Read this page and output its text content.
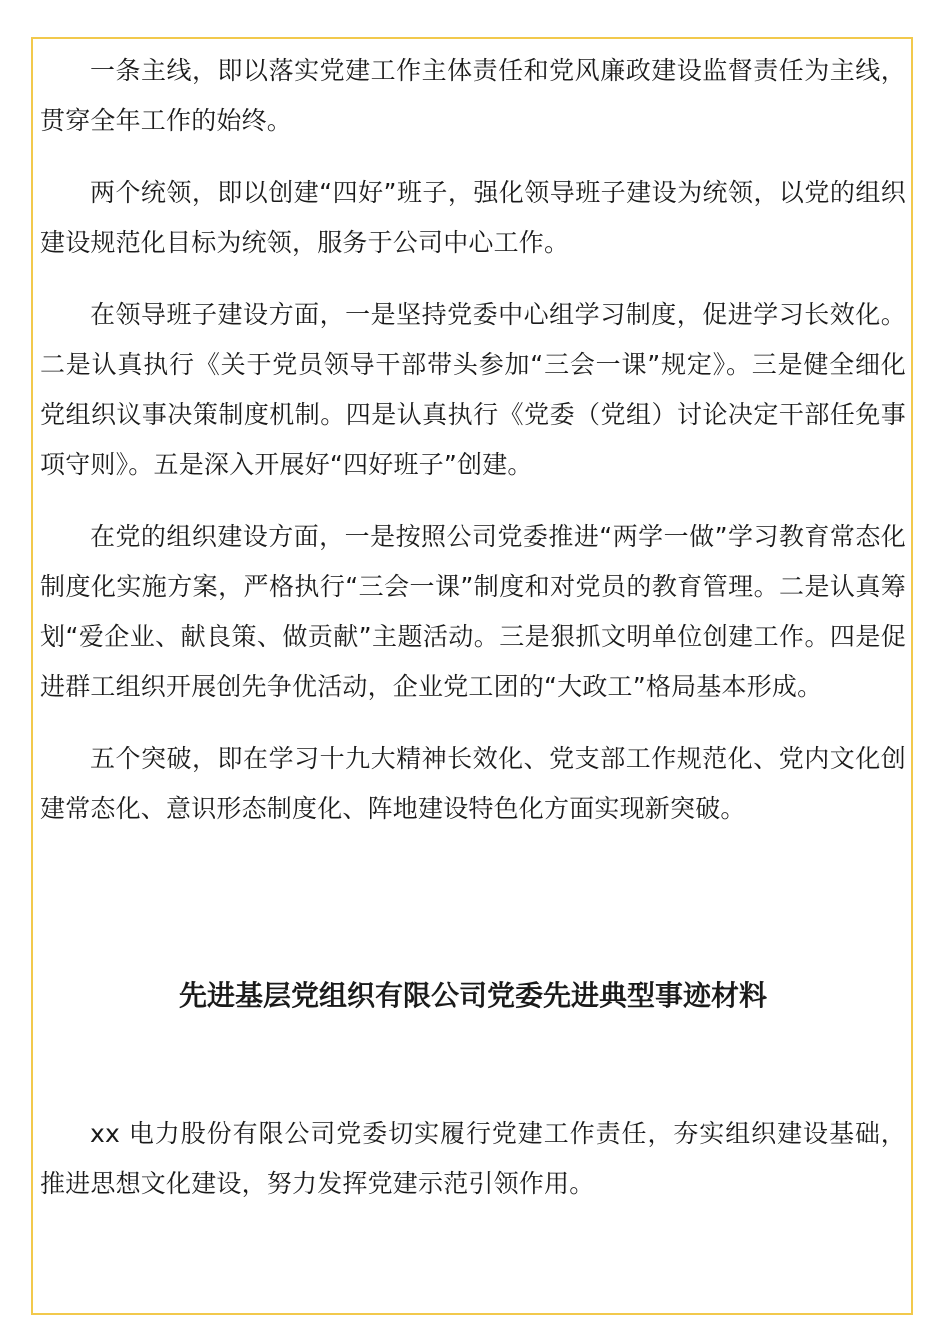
一条主线，即以落实党建工作主体责任和党风廉政建设监督责任为主线，贯穿全年工作的始终。

两个统领，即以创建“四好”班子，强化领导班子建设为统领，以党的组织建设规范化目标为统领，服务于公司中心工作。

在领导班子建设方面，一是坚持党委中心组学习制度，促进学习长效化。二是认真执行《关于党员领导干部带头参加“三会一课”规定》。三是健全细化党组织议事决策制度机制。四是认真执行《党委（党组）讨论决定干部任免事项守则》。五是深入开展好“四好班子”创建。

在党的组织建设方面，一是按照公司党委推进“两学一做”学习教育常态化制度化实施方案，严格执行“三会一课”制度和对党员的教育管理。二是认真筹划“爱企业、献良策、做贡献”主题活动。三是狠抓文明单位创建工作。四是促进群工组织开展创先争优活动，企业党工团的“大政工”格局基本形成。

五个突破，即在学习十九大精神长效化、党支部工作规范化、党内文化创建常态化、意识形态制度化、阵地建设特色化方面实现新突破。

先进基层党组织有限公司党委先进典型事迹材料

xx 电力股份有限公司党委切实履行党建工作责任，夯实组织建设基础，推进思想文化建设，努力发挥党建示范引领作用。
